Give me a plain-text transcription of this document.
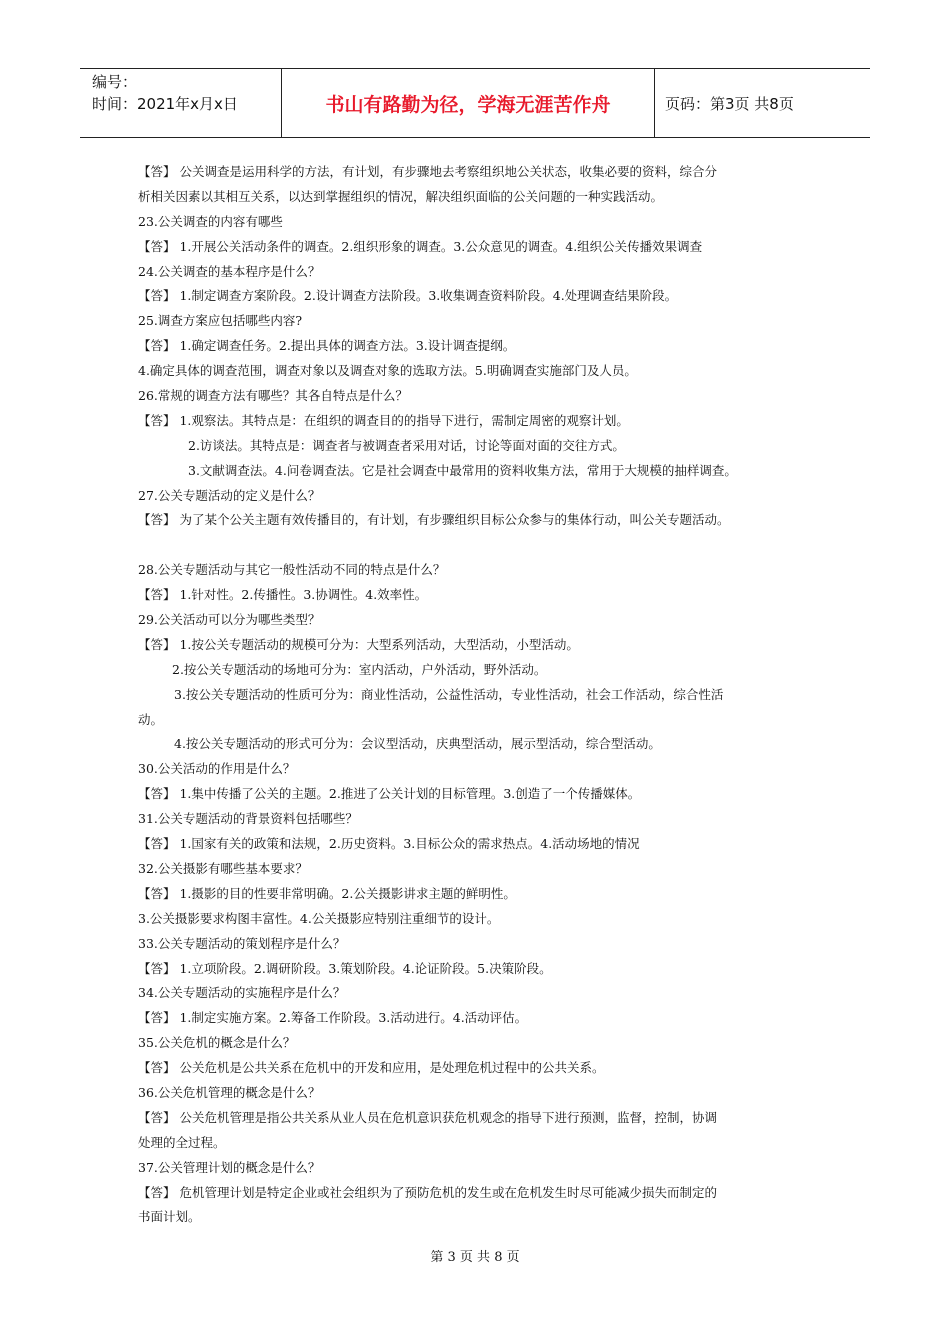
编号：
时间：2021年x月x日	书山有路勤为径，学海无涯苦作舟	页码：第3页 共8页
【答】 公关调查是运用科学的方法，有计划，有步骤地去考察组织地公关状态，收集必要的资料，综合分
析相关因素以其相互关系，以达到掌握组织的情况，解决组织面临的公关问题的一种实践活动。
23.公关调查的内容有哪些
【答】 1.开展公关活动条件的调查。2.组织形象的调查。3.公众意见的调查。4.组织公关传播效果调查
24.公关调查的基本程序是什么？
【答】 1.制定调查方案阶段。2.设计调查方法阶段。3.收集调查资料阶段。4.处理调查结果阶段。
25.调查方案应包括哪些内容?
【答】 1.确定调查任务。2.提出具体的调查方法。3.设计调查提纲。
4.确定具体的调查范围，调查对象以及调查对象的选取方法。5.明确调查实施部门及人员。
26.常规的调查方法有哪些？其各自特点是什么？
【答】 1.观察法。其特点是：在组织的调查目的的指导下进行，需制定周密的观察计划。
2.访谈法。其特点是：调查者与被调查者采用对话，讨论等面对面的交往方式。
3.文献调查法。4.问卷调查法。它是社会调查中最常用的资料收集方法，常用于大规模的抽样调查。
27.公关专题活动的定义是什么？
【答】 为了某个公关主题有效传播目的，有计划，有步骤组织目标公众参与的集体行动，叫公关专题活动。
28.公关专题活动与其它一般性活动不同的特点是什么？
【答】 1.针对性。2.传播性。3.协调性。4.效率性。
29.公关活动可以分为哪些类型？
【答】 1.按公关专题活动的规模可分为：大型系列活动，大型活动，小型活动。
2.按公关专题活动的场地可分为：室内活动，户外活动，野外活动。
3.按公关专题活动的性质可分为：商业性活动，公益性活动，专业性活动，社会工作活动，综合性活
动。
4.按公关专题活动的形式可分为：会议型活动，庆典型活动，展示型活动，综合型活动。
30.公关活动的作用是什么？
【答】 1.集中传播了公关的主题。2.推进了公关计划的目标管理。3.创造了一个传播媒体。
31.公关专题活动的背景资料包括哪些？
【答】 1.国家有关的政策和法规，2.历史资料。3.目标公众的需求热点。4.活动场地的情况
32.公关摄影有哪些基本要求？
【答】 1.摄影的目的性要非常明确。2.公关摄影讲求主题的鲜明性。
3.公关摄影要求构图丰富性。4.公关摄影应特别注重细节的设计。
33.公关专题活动的策划程序是什么？
【答】 1.立项阶段。2.调研阶段。3.策划阶段。4.论证阶段。5.决策阶段。
34.公关专题活动的实施程序是什么？
【答】 1.制定实施方案。2.筹备工作阶段。3.活动进行。4.活动评估。
35.公关危机的概念是什么？
【答】 公关危机是公共关系在危机中的开发和应用，是处理危机过程中的公共关系。
36.公关危机管理的概念是什么？
【答】 公关危机管理是指公共关系从业人员在危机意识获危机观念的指导下进行预测，监督，控制，协调
处理的全过程。
37.公关管理计划的概念是什么？
【答】 危机管理计划是特定企业或社会组织为了预防危机的发生或在危机发生时尽可能减少损失而制定的
书面计划。
第 3 页 共 8 页
